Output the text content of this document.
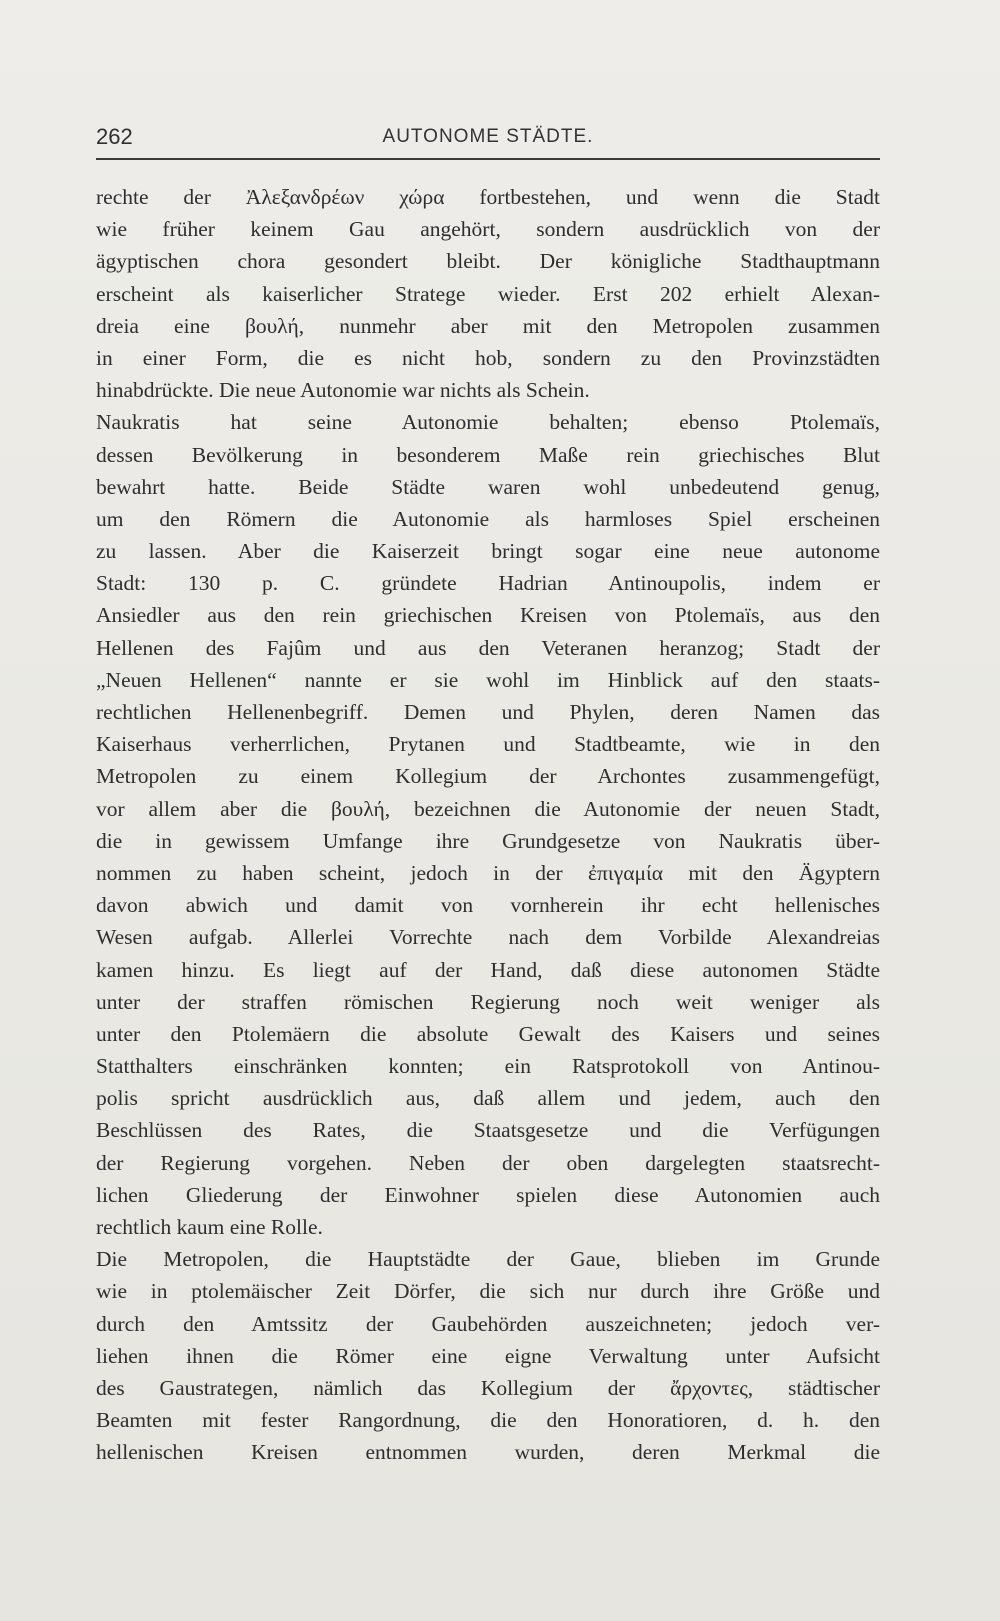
262	AUTONOME STÄDTE.
rechte der Ἀλεξανδρέων χώρα fortbestehen, und wenn die Stadt
wie früher keinem Gau angehört, sondern ausdrücklich von der
ägyptischen chora gesondert bleibt. Der königliche Stadthauptmann
erscheint als kaiserlicher Stratege wieder. Erst 202 erhielt Alexan-
dreia eine βουλή, nunmehr aber mit den Metropolen zusammen
in einer Form, die es nicht hob, sondern zu den Provinzstädten
hinabdrückte. Die neue Autonomie war nichts als Schein.
Naukratis hat seine Autonomie behalten; ebenso Ptolemaïs,
dessen Bevölkerung in besonderem Maße rein griechisches Blut
bewahrt hatte. Beide Städte waren wohl unbedeutend genug,
um den Römern die Autonomie als harmloses Spiel erscheinen
zu lassen. Aber die Kaiserzeit bringt sogar eine neue autonome
Stadt: 130 p. C. gründete Hadrian Antinoupolis, indem er
Ansiedler aus den rein griechischen Kreisen von Ptolemaïs, aus den
Hellenen des Fajûm und aus den Veteranen heranzog; Stadt der
„Neuen Hellenen“ nannte er sie wohl im Hinblick auf den staats-
rechtlichen Hellenenbegriff. Demen und Phylen, deren Namen das
Kaiserhaus verherrlichen, Prytanen und Stadtbeamte, wie in den
Metropolen zu einem Kollegium der Archontes zusammengefügt,
vor allem aber die βουλή, bezeichnen die Autonomie der neuen Stadt,
die in gewissem Umfange ihre Grundgesetze von Naukratis über-
nommen zu haben scheint, jedoch in der ἐπιγαμία mit den Ägyptern
davon abwich und damit von vornherein ihr echt hellenisches
Wesen aufgab. Allerlei Vorrechte nach dem Vorbilde Alexandreias
kamen hinzu. Es liegt auf der Hand, daß diese autonomen Städte
unter der straffen römischen Regierung noch weit weniger als
unter den Ptolemäern die absolute Gewalt des Kaisers und seines
Statthalters einschränken konnten; ein Ratsprotokoll von Antinou-
polis spricht ausdrücklich aus, daß allem und jedem, auch den
Beschlüssen des Rates, die Staatsgesetze und die Verfügungen
der Regierung vorgehen. Neben der oben dargelegten staatsrecht-
lichen Gliederung der Einwohner spielen diese Autonomien auch
rechtlich kaum eine Rolle.
Die Metropolen, die Hauptstädte der Gaue, blieben im Grunde
wie in ptolemäischer Zeit Dörfer, die sich nur durch ihre Größe und
durch den Amtssitz der Gaubehörden auszeichneten; jedoch ver-
liehen ihnen die Römer eine eigne Verwaltung unter Aufsicht
des Gaustrategen, nämlich das Kollegium der ἄρχοντες, städtischer
Beamten mit fester Rangordnung, die den Honoratioren, d. h. den
hellenischen Kreisen entnommen wurden, deren Merkmal die
